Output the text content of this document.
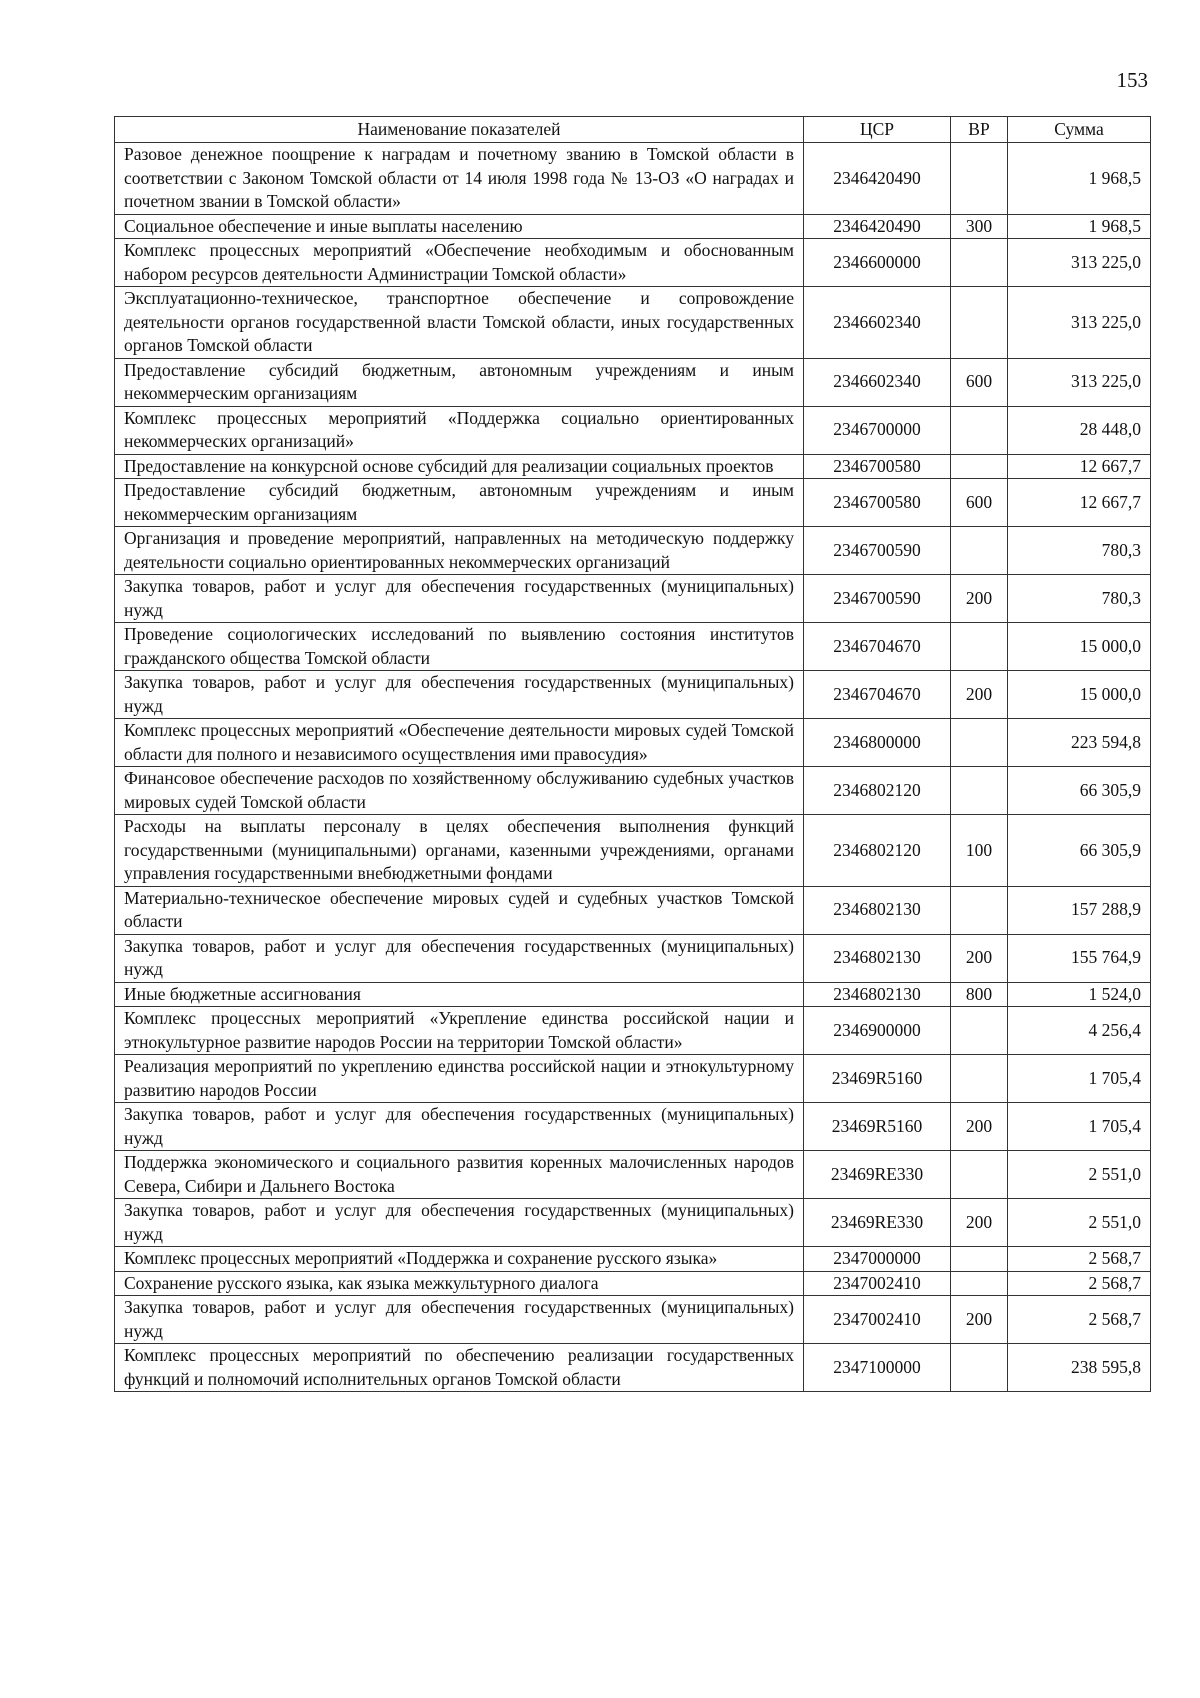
153
Наименование показателей	ЦСР	ВР	Сумма
Разовое денежное поощрение к наградам и почетному званию в Томской области в соответствии с Законом Томской области от 14 июля 1998 года № 13-ОЗ «О наградах и почетном звании в Томской области»	2346420490		1 968,5
Социальное обеспечение и иные выплаты населению	2346420490	300	1 968,5
Комплекс процессных мероприятий «Обеспечение необходимым и обоснованным набором ресурсов деятельности Администрации Томской области»	2346600000		313 225,0
Эксплуатационно-техническое, транспортное обеспечение и сопровождение деятельности органов государственной власти Томской области, иных государственных органов Томской области	2346602340		313 225,0
Предоставление субсидий бюджетным, автономным учреждениям и иным некоммерческим организациям	2346602340	600	313 225,0
Комплекс процессных мероприятий «Поддержка социально ориентированных некоммерческих организаций»	2346700000		28 448,0
Предоставление на конкурсной основе субсидий для реализации социальных проектов	2346700580		12 667,7
Предоставление субсидий бюджетным, автономным учреждениям и иным некоммерческим организациям	2346700580	600	12 667,7
Организация и проведение мероприятий, направленных на методическую поддержку деятельности социально ориентированных некоммерческих организаций	2346700590		780,3
Закупка товаров, работ и услуг для обеспечения государственных (муниципальных) нужд	2346700590	200	780,3
Проведение социологических исследований по выявлению состояния институтов гражданского общества Томской области	2346704670		15 000,0
Закупка товаров, работ и услуг для обеспечения государственных (муниципальных) нужд	2346704670	200	15 000,0
Комплекс процессных мероприятий «Обеспечение деятельности мировых судей Томской области для полного и независимого осуществления ими правосудия»	2346800000		223 594,8
Финансовое обеспечение расходов по хозяйственному обслуживанию судебных участков мировых судей Томской области	2346802120		66 305,9
Расходы на выплаты персоналу в целях обеспечения выполнения функций государственными (муниципальными) органами, казенными учреждениями, органами управления государственными внебюджетными фондами	2346802120	100	66 305,9
Материально-техническое обеспечение мировых судей и судебных участков Томской области	2346802130		157 288,9
Закупка товаров, работ и услуг для обеспечения государственных (муниципальных) нужд	2346802130	200	155 764,9
Иные бюджетные ассигнования	2346802130	800	1 524,0
Комплекс процессных мероприятий «Укрепление единства российской нации и этнокультурное развитие народов России на территории Томской области»	2346900000		4 256,4
Реализация мероприятий по укреплению единства российской нации и этнокультурному развитию народов России	23469R5160		1 705,4
Закупка товаров, работ и услуг для обеспечения государственных (муниципальных) нужд	23469R5160	200	1 705,4
Поддержка экономического и социального развития коренных малочисленных народов Севера, Сибири и Дальнего Востока	23469RE330		2 551,0
Закупка товаров, работ и услуг для обеспечения государственных (муниципальных) нужд	23469RE330	200	2 551,0
Комплекс процессных мероприятий «Поддержка и сохранение русского языка»	2347000000		2 568,7
Сохранение русского языка, как языка межкультурного диалога	2347002410		2 568,7
Закупка товаров, работ и услуг для обеспечения государственных (муниципальных) нужд	2347002410	200	2 568,7
Комплекс процессных мероприятий по обеспечению реализации государственных функций и полномочий исполнительных органов Томской области	2347100000		238 595,8
